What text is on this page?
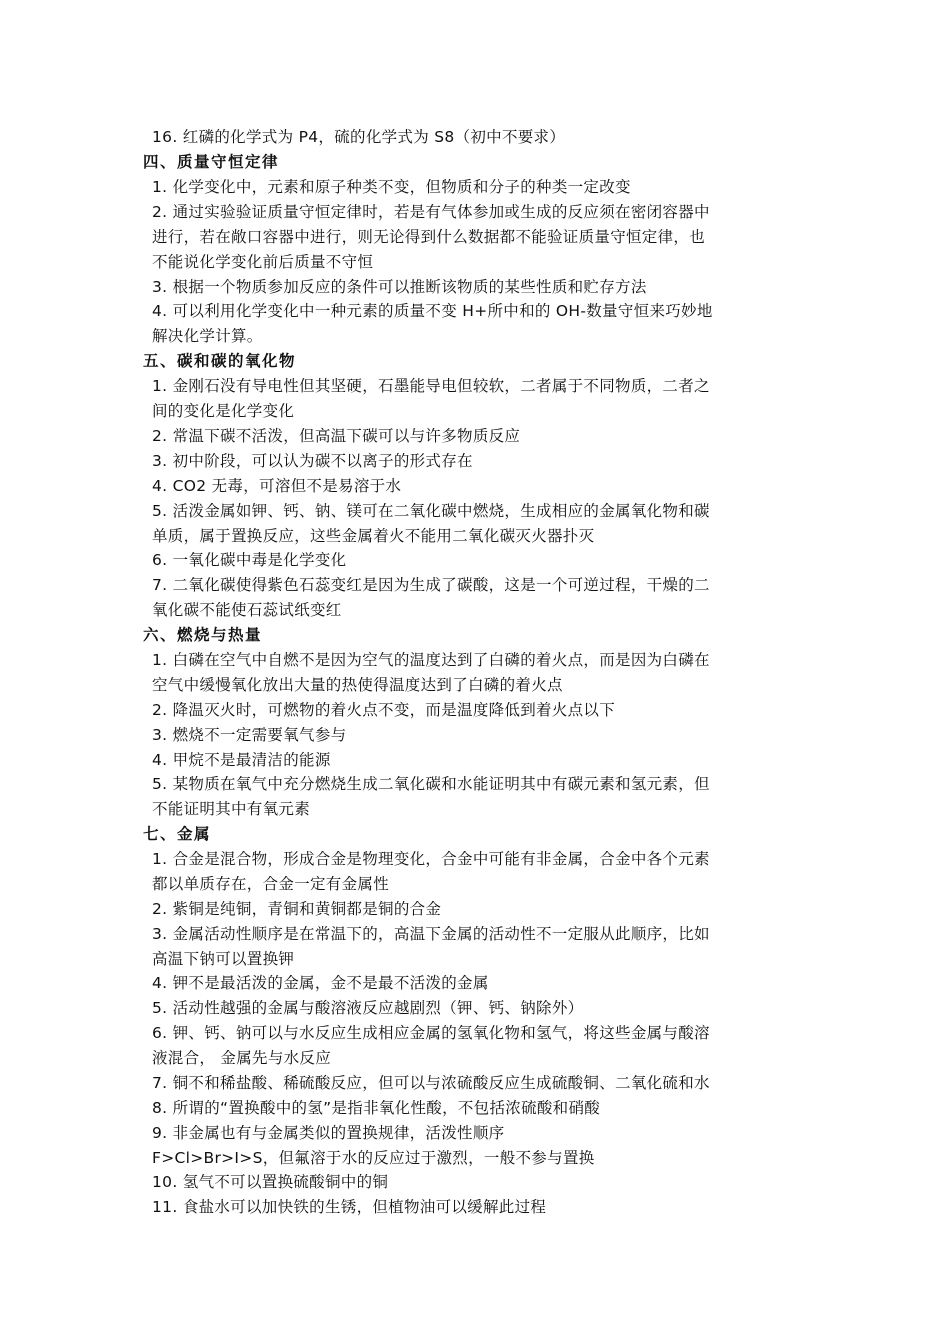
16. 红磷的化学式为 P4，硫的化学式为 S8（初中不要求）
四、质量守恒定律
1. 化学变化中，元素和原子种类不变，但物质和分子的种类一定改变
2. 通过实验验证质量守恒定律时，若是有气体参加或生成的反应须在密闭容器中
进行，若在敞口容器中进行，则无论得到什么数据都不能验证质量守恒定律，也
不能说化学变化前后质量不守恒
3. 根据一个物质参加反应的条件可以推断该物质的某些性质和贮存方法
4. 可以利用化学变化中一种元素的质量不变 H+所中和的 OH-数量守恒来巧妙地
解决化学计算。
五、碳和碳的氧化物
1. 金刚石没有导电性但其坚硬，石墨能导电但较软，二者属于不同物质，二者之
间的变化是化学变化
2. 常温下碳不活泼，但高温下碳可以与许多物质反应
3. 初中阶段，可以认为碳不以离子的形式存在
4. CO2 无毒，可溶但不是易溶于水
5. 活泼金属如钾、钙、钠、镁可在二氧化碳中燃烧，生成相应的金属氧化物和碳
单质，属于置换反应，这些金属着火不能用二氧化碳灭火器扑灭
6. 一氧化碳中毒是化学变化
7. 二氧化碳使得紫色石蕊变红是因为生成了碳酸，这是一个可逆过程，干燥的二
氧化碳不能使石蕊试纸变红
六、燃烧与热量
1. 白磷在空气中自燃不是因为空气的温度达到了白磷的着火点，而是因为白磷在
空气中缓慢氧化放出大量的热使得温度达到了白磷的着火点
2. 降温灭火时，可燃物的着火点不变，而是温度降低到着火点以下
3. 燃烧不一定需要氧气参与
4. 甲烷不是最清洁的能源
5. 某物质在氧气中充分燃烧生成二氧化碳和水能证明其中有碳元素和氢元素，但
不能证明其中有氧元素
七、金属
1. 合金是混合物，形成合金是物理变化，合金中可能有非金属，合金中各个元素
都以单质存在，合金一定有金属性
2. 紫铜是纯铜，青铜和黄铜都是铜的合金
3. 金属活动性顺序是在常温下的，高温下金属的活动性不一定服从此顺序，比如
高温下钠可以置换钾
4. 钾不是最活泼的金属，金不是最不活泼的金属
5. 活动性越强的金属与酸溶液反应越剧烈（钾、钙、钠除外）
6. 钾、钙、钠可以与水反应生成相应金属的氢氧化物和氢气，将这些金属与酸溶
液混合， 金属先与水反应
7. 铜不和稀盐酸、稀硫酸反应，但可以与浓硫酸反应生成硫酸铜、二氧化硫和水
8. 所谓的“置换酸中的氢”是指非氧化性酸，不包括浓硫酸和硝酸
9. 非金属也有与金属类似的置换规律，活泼性顺序
F>Cl>Br>I>S，但氟溶于水的反应过于激烈，一般不参与置换
10. 氢气不可以置换硫酸铜中的铜
11. 食盐水可以加快铁的生锈，但植物油可以缓解此过程
